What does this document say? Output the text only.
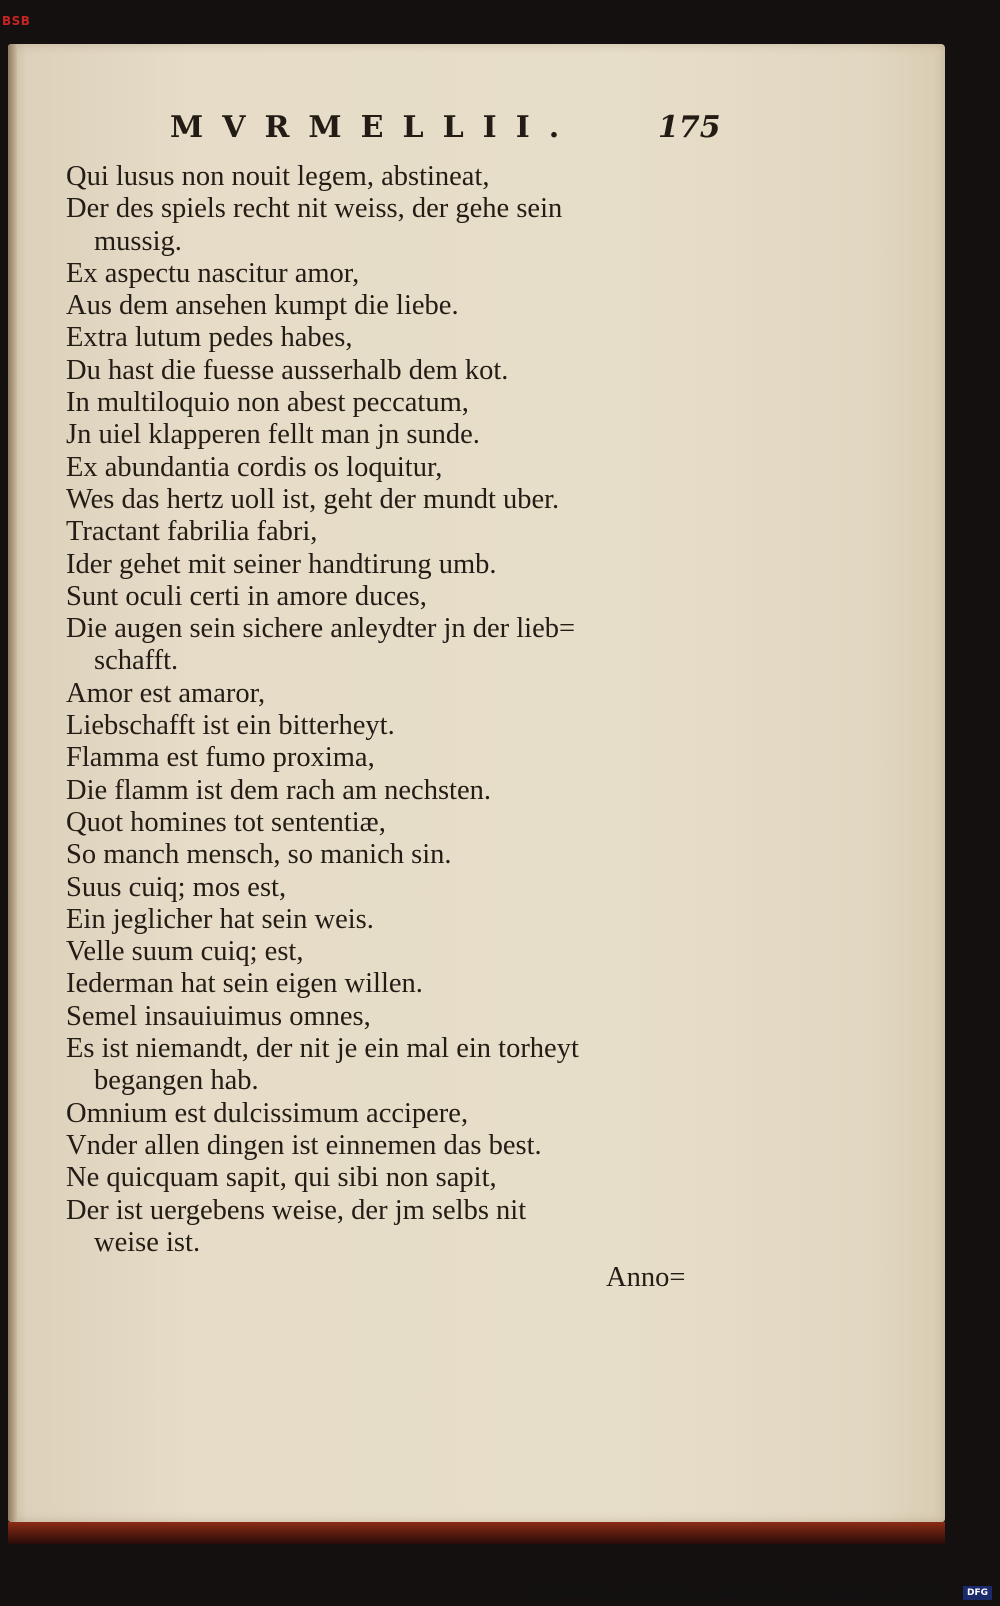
BSB
MVRMELLII.	175
Qui lusus non nouit legem, abstineat,
Der des spiels recht nit weiss, der gehe sein
mussig.
Ex aspectu nascitur amor,
Aus dem ansehen kumpt die liebe.
Extra lutum pedes habes,
Du hast die fuesse ausserhalb dem kot.
In multiloquio non abest peccatum,
Jn uiel klapperen fellt man jn sunde.
Ex abundantia cordis os loquitur,
Wes das hertz uoll ist, geht der mundt uber.
Tractant fabrilia fabri,
Ider gehet mit seiner handtirung umb.
Sunt oculi certi in amore duces,
Die augen sein sichere anleydter jn der lieb=
schafft.
Amor est amaror,
Liebschafft ist ein bitterheyt.
Flamma est fumo proxima,
Die flamm ist dem rach am nechsten.
Quot homines tot sententiæ,
So manch mensch, so manich sin.
Suus cuiq; mos est,
Ein jeglicher hat sein weis.
Velle suum cuiq; est,
Iederman hat sein eigen willen.
Semel insauiuimus omnes,
Es ist niemandt, der nit je ein mal ein torheyt
begangen hab.
Omnium est dulcissimum accipere,
Vnder allen dingen ist einnemen das best.
Ne quicquam sapit, qui sibi non sapit,
Der ist uergebens weise, der jm selbs nit
weise ist.
Anno=
Digitalisierung gefördert durch die Deutsche Forschungsgemeinschaft - DFG
